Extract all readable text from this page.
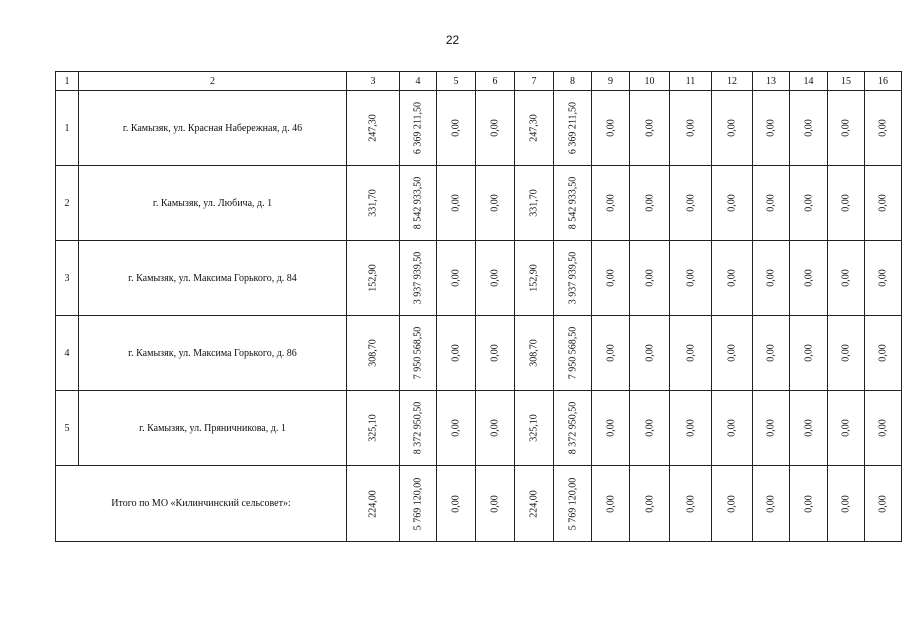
22
1	2	3	4	5	6	7	8	9	10	11	12	13	14	15	16
1	г. Камызяк, ул. Красная Набережная, д. 46	247,30	6 369 211,50	0,00	0,00	247,30	6 369 211,50	0,00	0,00	0,00	0,00	0,00	0,00	0,00	0,00

2	г. Камызяк, ул. Любича, д. 1	331,70	8 542 933,50	0,00	0,00	331,70	8 542 933,50	0,00	0,00	0,00	0,00	0,00	0,00	0,00	0,00

3	г. Камызяк, ул. Максима Горького, д. 84	152,90	3 937 939,50	0,00	0,00	152,90	3 937 939,50	0,00	0,00	0,00	0,00	0,00	0,00	0,00	0,00

4	г. Камызяк, ул. Максима Горького, д. 86	308,70	7 950 568,50	0,00	0,00	308,70	7 950 568,50	0,00	0,00	0,00	0,00	0,00	0,00	0,00	0,00

5	г. Камызяк, ул. Пряничникова, д. 1	325,10	8 372 950,50	0,00	0,00	325,10	8 372 950,50	0,00	0,00	0,00	0,00	0,00	0,00	0,00	0,00

Итого по МО «Килинчинский сельсовет»:		224,00	5 769 120,00	0,00	0,00	224,00	5 769 120,00	0,00	0,00	0,00	0,00	0,00	0,00	0,00	0,00
